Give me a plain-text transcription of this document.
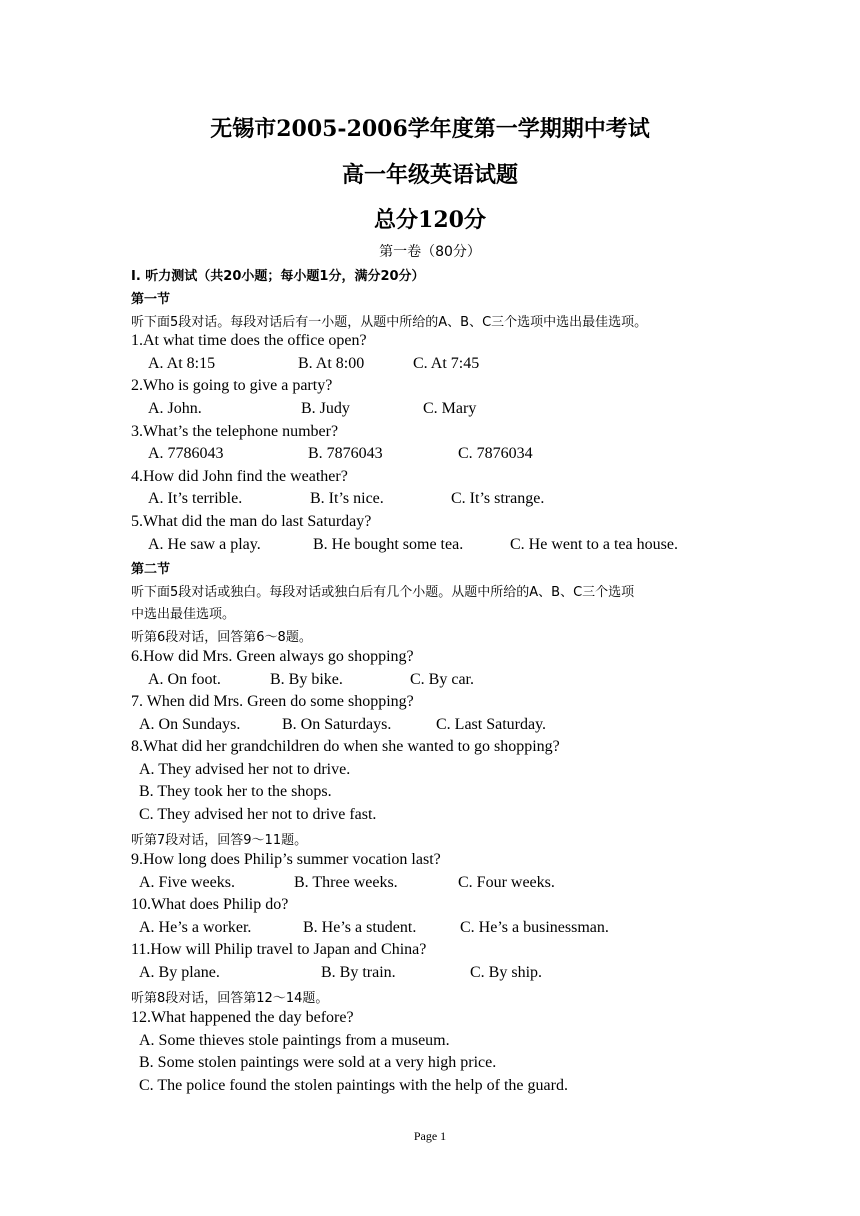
无锡市2005-2006学年度第一学期期中考试
高一年级英语试题
总分120分
第一卷（80分）
Ⅰ. 听力测试（共20小题；每小题1分，满分20分）
第一节
听下面5段对话。每段对话后有一小题，从题中所给的A、B、C三个选项中选出最佳选项。
1.At what time does the office open?
A. At 8:15	B. At 8:00	C. At 7:45
2.Who is going to give a party?
A. John.	B. Judy	C. Mary
3.What’s the telephone number?
A. 7786043	B. 7876043	C. 7876034
4.How did John find the weather?
A. It’s terrible.	B. It’s nice.	C. It’s strange.
5.What did the man do last Saturday?
A. He saw a play.	B. He bought some tea.	C. He went to a tea house.
第二节
听下面5段对话或独白。每段对话或独白后有几个小题。从题中所给的A、B、C三个选项
中选出最佳选项。
听第6段对话，回答第6～8题。
6.How did Mrs. Green always go shopping?
A. On foot.	B. By bike.	C. By car.
7. When did Mrs. Green do some shopping?
A. On Sundays.	B. On Saturdays.	C. Last Saturday.
8.What did her grandchildren do when she wanted to go shopping?
A. They advised her not to drive.
B. They took her to the shops.
C. They advised her not to drive fast.
听第7段对话，回答9～11题。
9.How long does Philip’s summer vocation last?
A. Five weeks.	B. Three weeks.	C. Four weeks.
10.What does Philip do?
A. He’s a worker.	B. He’s a student.	C. He’s a businessman.
11.How will Philip travel to Japan and China?
A. By plane.	B. By train.	C. By ship.
听第8段对话，回答第12～14题。
12.What happened the day before?
A. Some thieves stole paintings from a museum.
B. Some stolen paintings were sold at a very high price.
C. The police found the stolen paintings with the help of the guard.
Page 1
